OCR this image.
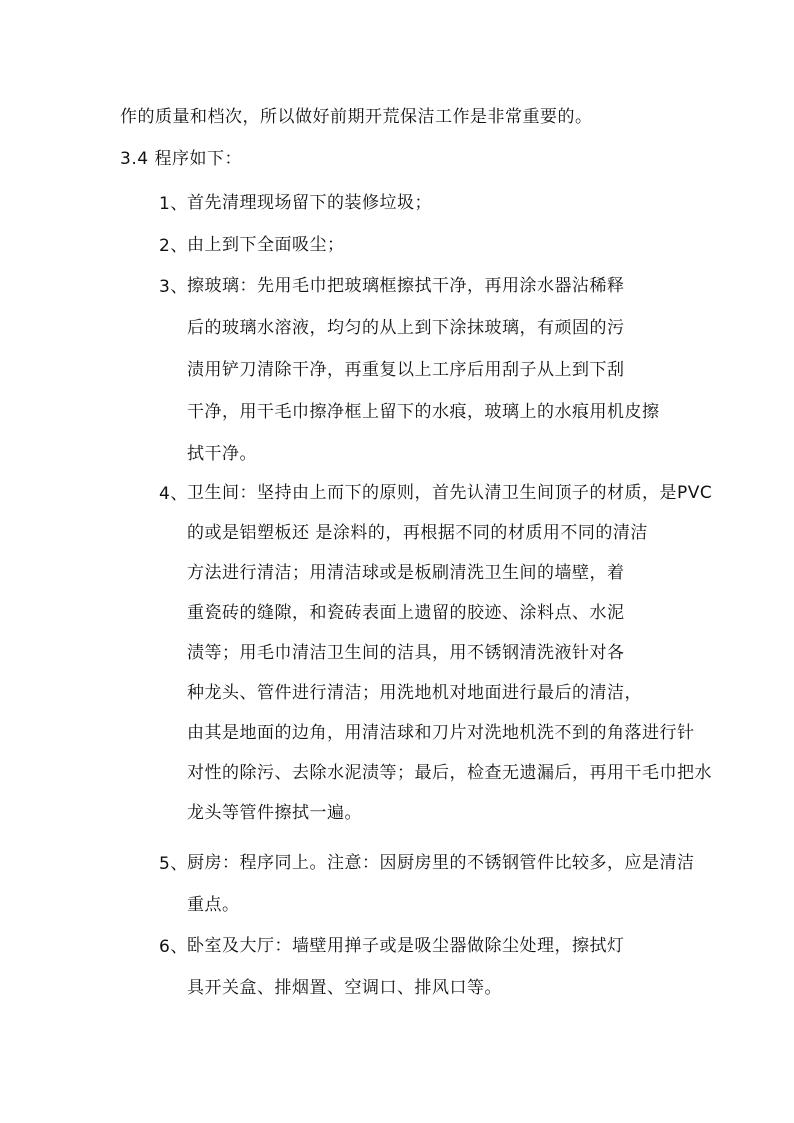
作的质量和档次，所以做好前期开荒保洁工作是非常重要的。
3.4 程序如下：
1、 首先清理现场留下的装修垃圾；
2、 由上到下全面吸尘；
3、 擦玻璃：先用毛巾把玻璃框擦拭干净，再用涂水器沾稀释
后的玻璃水溶液，均匀的从上到下涂抹玻璃，有顽固的污
渍用铲刀清除干净，再重复以上工序后用刮子从上到下刮
干净，用干毛巾擦净框上留下的水痕，玻璃上的水痕用机皮擦
拭干净。
4、 卫生间：坚持由上而下的原则，首先认清卫生间顶子的材质，是PVC
的或是铝塑板还 是涂料的，再根据不同的材质用不同的清洁
方法进行清洁；用清洁球或是板刷清洗卫生间的墙壁，着
重瓷砖的缝隙，和瓷砖表面上遗留的胶迹、涂料点、水泥
渍等；用毛巾清洁卫生间的洁具，用不锈钢清洗液针对各
种龙头、管件进行清洁；用洗地机对地面进行最后的清洁，
由其是地面的边角，用清洁球和刀片对洗地机洗不到的角落进行针
对性的除污、去除水泥渍等；最后，检查无遗漏后，再用干毛巾把水
龙头等管件擦拭一遍。
5、 厨房：程序同上。注意：因厨房里的不锈钢管件比较多，应是清洁
重点。
6、 卧室及大厅：墙壁用掸子或是吸尘器做除尘处理，擦拭灯
具开关盒、排烟置、空调口、排风口等。
